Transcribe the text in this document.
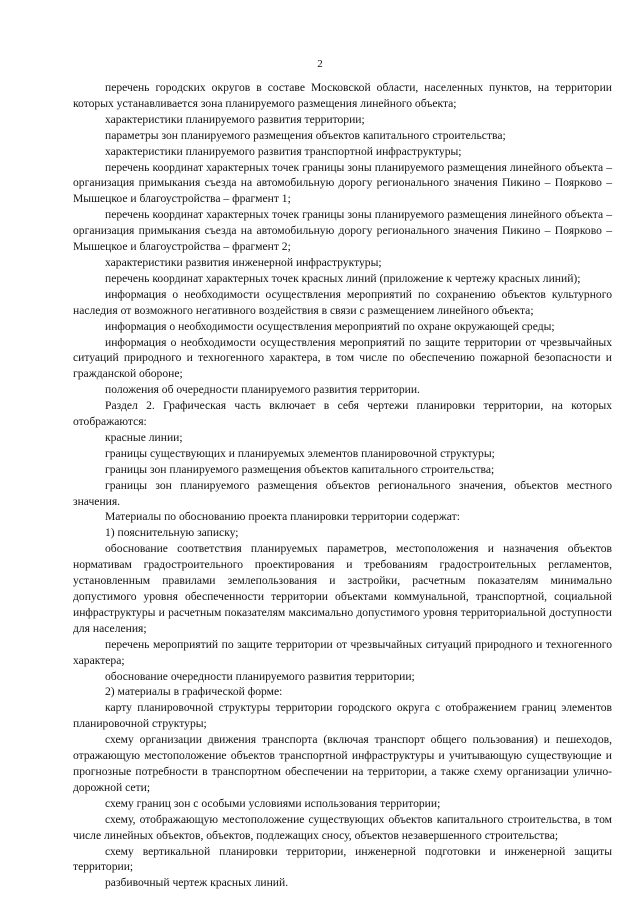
2

перечень городских округов в составе Московской области, населенных пунктов, на территории которых устанавливается зона планируемого размещения линейного объекта;

характеристики планируемого развития территории;

параметры зон планируемого размещения объектов капитального строительства;

характеристики планируемого развития транспортной инфраструктуры;

перечень координат характерных точек границы зоны планируемого размещения линейного объекта – организация примыкания съезда на автомобильную дорогу регионального значения Пикино – Поярково – Мышецкое и благоустройства – фрагмент 1;

перечень координат характерных точек границы зоны планируемого размещения линейного объекта – организация примыкания съезда на автомобильную дорогу регионального значения Пикино – Поярково – Мышецкое и благоустройства – фрагмент 2;

характеристики развития инженерной инфраструктуры;

перечень координат характерных точек красных линий (приложение к чертежу красных линий);

информация о необходимости осуществления мероприятий по сохранению объектов культурного наследия от возможного негативного воздействия в связи с размещением линейного объекта;

информация о необходимости осуществления мероприятий по охране окружающей среды;

информация о необходимости осуществления мероприятий по защите территории от чрезвычайных ситуаций природного и техногенного характера, в том числе по обеспечению пожарной безопасности и гражданской обороне;

положения об очередности планируемого развития территории.

Раздел 2. Графическая часть включает в себя чертежи планировки территории, на которых отображаются:

красные линии;

границы существующих и планируемых элементов планировочной структуры;

границы зон планируемого размещения объектов капитального строительства;

границы зон планируемого размещения объектов регионального значения, объектов местного значения.

Материалы по обоснованию проекта планировки территории содержат:

1) пояснительную записку;

обоснование соответствия планируемых параметров, местоположения и назначения объектов нормативам градостроительного проектирования и требованиям градостроительных регламентов, установленным правилами землепользования и застройки, расчетным показателям минимально допустимого уровня обеспеченности территории объектами коммунальной, транспортной, социальной инфраструктуры и расчетным показателям максимально допустимого уровня территориальной доступности для населения;

перечень мероприятий по защите территории от чрезвычайных ситуаций природного и техногенного характера;

обоснование очередности планируемого развития территории;

2) материалы в графической форме:

карту планировочной структуры территории городского округа с отображением границ элементов планировочной структуры;

схему организации движения транспорта (включая транспорт общего пользования) и пешеходов, отражающую местоположение объектов транспортной инфраструктуры и учитывающую существующие и прогнозные потребности в транспортном обеспечении на территории, а также схему организации улично-дорожной сети;

схему границ зон с особыми условиями использования территории;

схему, отображающую местоположение существующих объектов капитального строительства, в том числе линейных объектов, объектов, подлежащих сносу, объектов незавершенного строительства;

схему вертикальной планировки территории, инженерной подготовки и инженерной защиты территории;

разбивочный чертеж красных линий.
